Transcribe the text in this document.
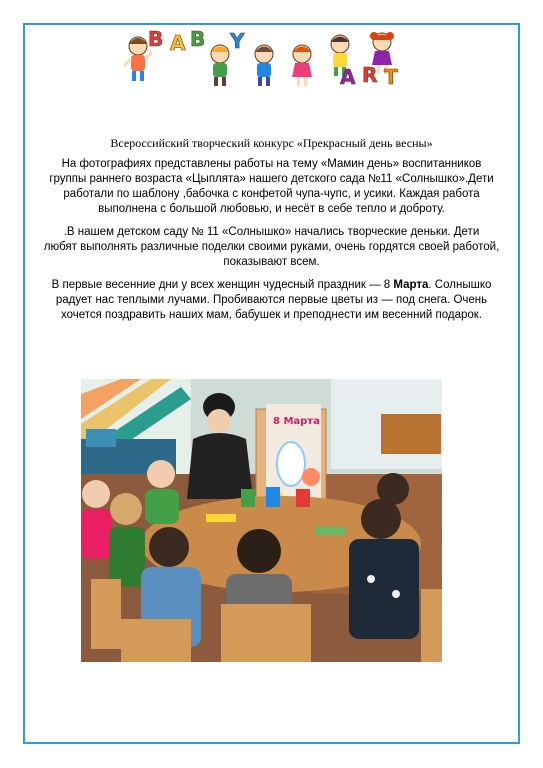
B A B Y
A R T
Всероссийский творческий конкурс «Прекрасный день весны»
На фотографиях представлены работы на тему «Мамин день» воспитанников
группы раннего возраста «Цыплята» нашего детского сада №11 «Солнышко».Дети
работали по шаблону ,бабочка с конфетой чупа-чупс, и усики. Каждая работа
выполнена с большой любовью, и несёт в себе тепло и доброту.
.В нашем детском саду № 11 «Солнышко» начались творческие деньки. Дети
любят выполнять различные поделки своими руками, очень гордятся своей работой,
показывают всем.
В первые весенние дни у всех женщин чудесный праздник — 8 Марта. Солнышко
радует нас теплыми лучами. Пробиваются первые цветы из — под снега. Очень
хочется поздравить наших мам, бабушек и преподнести им весенний подарок.
8 Марта
